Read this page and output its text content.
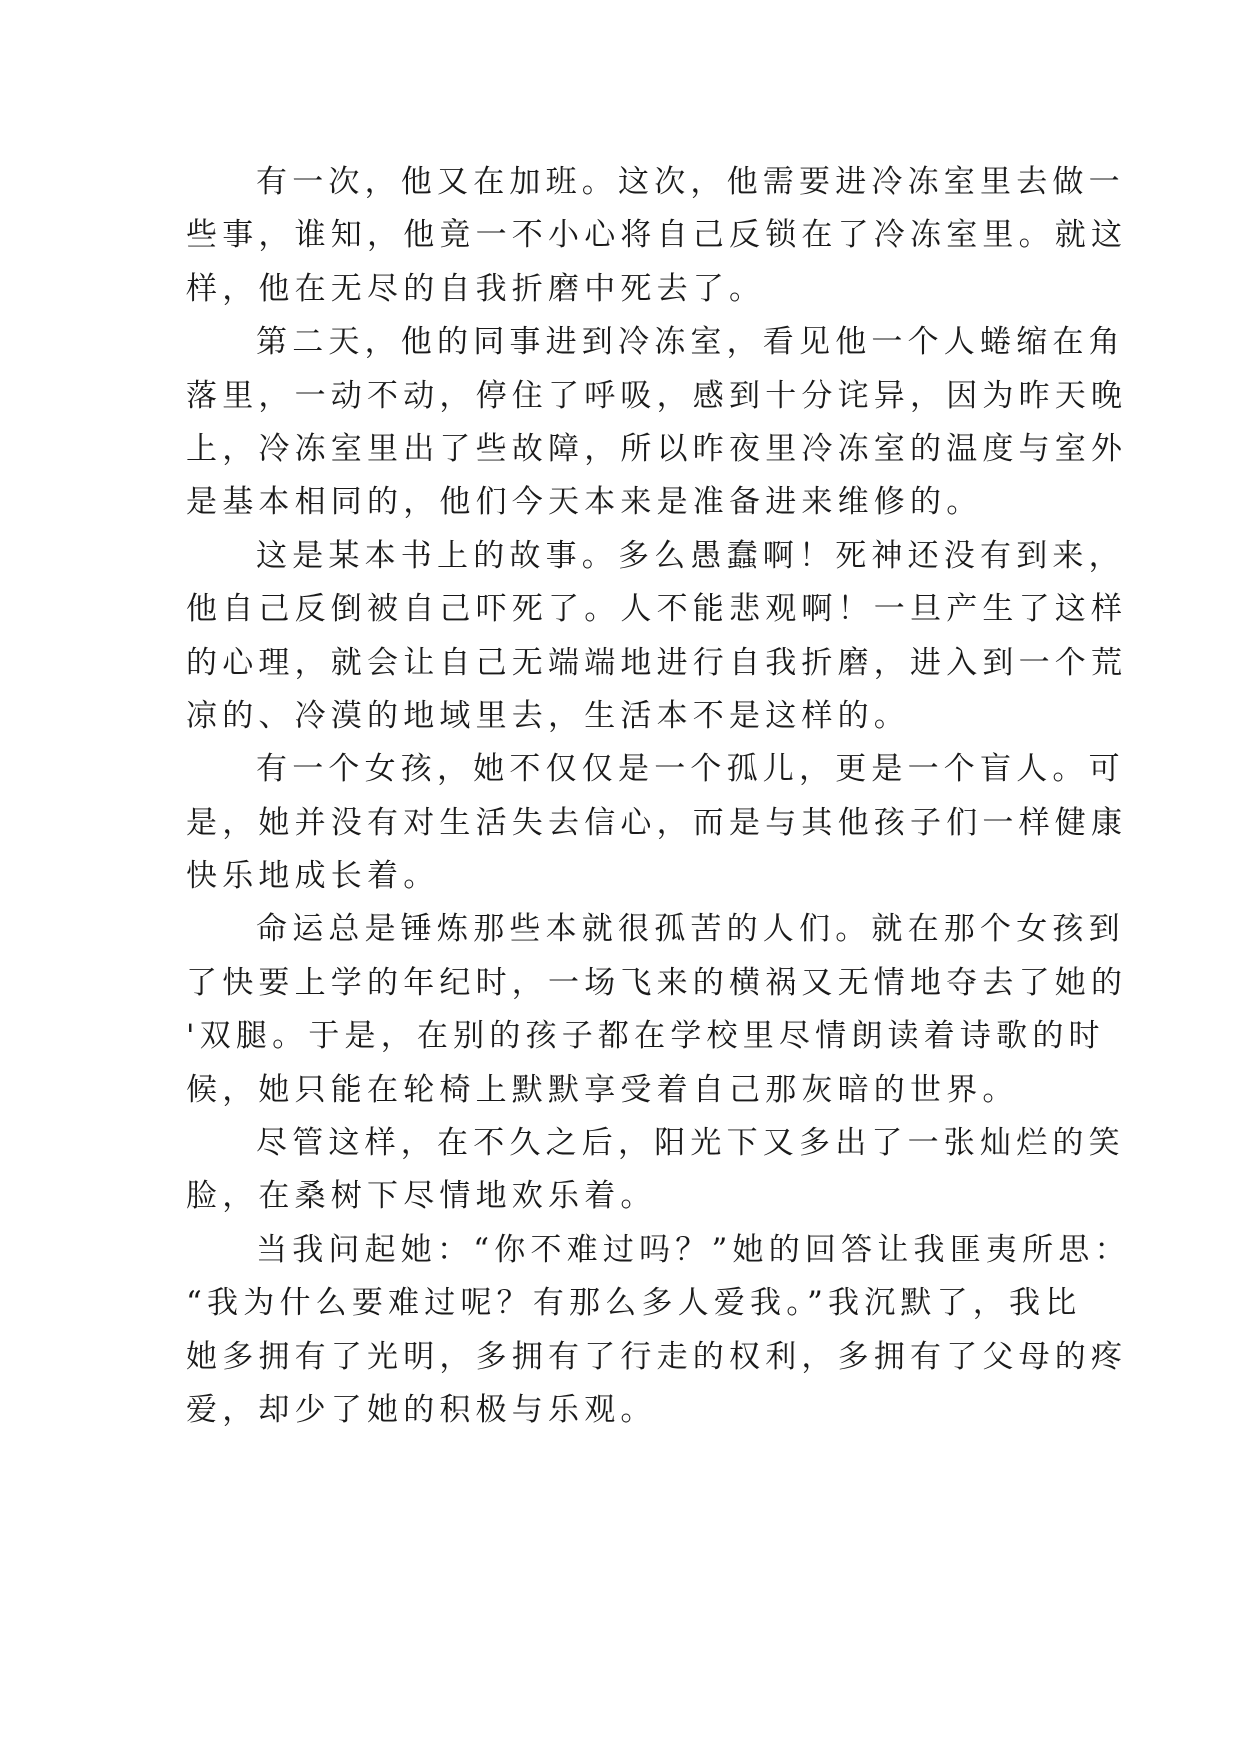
有一次，他又在加班。这次，他需要进冷冻室里去做一
些事，谁知，他竟一不小心将自己反锁在了冷冻室里。就这
样，他在无尽的自我折磨中死去了。

第二天，他的同事进到冷冻室，看见他一个人蜷缩在角
落里，一动不动，停住了呼吸，感到十分诧异，因为昨天晚
上，冷冻室里出了些故障，所以昨夜里冷冻室的温度与室外
是基本相同的，他们今天本来是准备进来维修的。

这是某本书上的故事。多么愚蠢啊！死神还没有到来，
他自己反倒被自己吓死了。人不能悲观啊！一旦产生了这样
的心理，就会让自己无端端地进行自我折磨，进入到一个荒
凉的、冷漠的地域里去，生活本不是这样的。

有一个女孩，她不仅仅是一个孤儿，更是一个盲人。可
是，她并没有对生活失去信心，而是与其他孩子们一样健康
快乐地成长着。

命运总是锤炼那些本就很孤苦的人们。就在那个女孩到
了快要上学的年纪时，一场飞来的横祸又无情地夺去了她的
'双腿。于是，在别的孩子都在学校里尽情朗读着诗歌的时
候，她只能在轮椅上默默享受着自己那灰暗的世界。

尽管这样，在不久之后，阳光下又多出了一张灿烂的笑
脸，在桑树下尽情地欢乐着。

当我问起她：“你不难过吗？”她的回答让我匪夷所思：
“我为什么要难过呢？有那么多人爱我。”我沉默了，我比
她多拥有了光明，多拥有了行走的权利，多拥有了父母的疼
爱，却少了她的积极与乐观。
